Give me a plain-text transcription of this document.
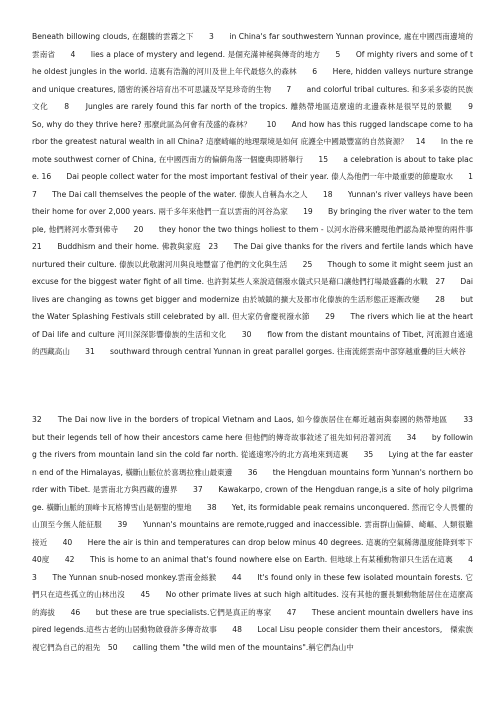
Beneath billowing clouds, 在翻騰的雲霧之下　　3　　in China's far southwestern Yunnan province, 處在中國西南邊境的雲南省　　4　　lies a place of mystery and legend. 是個充滿神秘與傳奇的地方　　5　　Of mighty rivers and some of the oldest jungles in the world. 這裏有浩瀚的河川及世上年代最悠久的森林　　6　　Here, hidden valleys nurture strange and unique creatures, 隱密的溪谷培育出不可思議及罕見珍奇的生物　　7　　and colorful tribal cultures. 和多采多姿的民族文化　　8　　Jungles are rarely found this far north of the tropics. 離熱帶地區這麼遠的北邊森林是很罕見的景觀　　9　　So, why do they thrive here? 那麼此區為何會有茂盛的森林？　　10　　And how has this rugged landscape come to harbor the greatest natural wealth in all China? 這麼崎嶇的地理環境是如何 庇護全中國最豐富的自然資源？　14　　In the remote southwest corner of China, 在中國西南方的偏僻角落一個慶典即將舉行　　15　　a celebration is about to take place. 16　　Dai people collect water for the most important festival of their year. 傣人為他們一年中最重要的節慶取水　　17　　The Dai call themselves the people of the water. 傣族人自稱為水之人　　18　　Yunnan's river valleys have been their home for over 2,000 years. 兩千多年來他們一直以雲南的河谷為家　　19　　By bringing the river water to the temple, 他們將河水帶到佛寺　　20　　they honor the two things holiest to them - 以河水浴佛來體現他們認為最神聖的兩件事　　21　　Buddhism and their home. 佛教與家庭　23　　The Dai give thanks for the rivers and fertile lands which have nurtured their culture. 傣族以此敬謝河川與良地豐富了他們的文化與生活　　25　　Though to some it might seem just an excuse for the biggest water fight of all time. 也許對某些人來說這個潑水儀式只是藉口讓他們打場最盛轟的水戰　27　　Dai lives are changing as towns get bigger and modernize 由於城鎮的擴大及都市化傣族的生活形態正逐漸改變　　28　　but the Water Splashing Festivals still celebrated by all. 但大家仍會慶祝潑水節　　29　　The rivers which lie at the heart of Dai life and culture 河川深深影響傣族的生活和文化　　30　　flow from the distant mountains of Tibet, 河流源自遙遠的西藏高山　　31　　southward through central Yunnan in great parallel gorges. 往南流經雲南中部穿越重疊的巨大峽谷

32　　The Dai now live in the borders of tropical Vietnam and Laos, 如今傣族居住在鄰近越南與泰國的熱帶地區　　33　　but their legends tell of how their ancestors came here 但他們的傳奇故事敘述了祖先如何沿著河流　　34　　by following the rivers from mountain land sin the cold far north. 從遙遠寒冷的北方高地來到這裏　　35　　Lying at the far eastern end of the Himalayas, 橫斷山脈位於喜瑪拉雅山最東邊　　36　　the Hengduan mountains form Yunnan's northern border with Tibet. 是雲南北方與西藏的邊界　　37　　Kawakarpo, crown of the Hengduan range,is a site of holy pilgrimage. 橫斷山脈的頂峰卡瓦格博雪山是朝聖的聖地　　38　　Yet, its formidable peak remains unconquered. 然而它令人畏懼的山頂至今無人能征服　　39　　Yunnan's mountains are remote,rugged and inaccessible. 雲南群山偏僻、崎嶇、人類很難接近　　40　　Here the air is thin and temperatures can drop below minus 40 degrees. 這裏的空氣稀薄溫度能降到零下40度　　42　　This is home to an animal that's found nowhere else on Earth. 但地球上有某種動物卻只生活在這裏　　43　　The Yunnan snub-nosed monkey.雲南金絲猴　　44　　It's found only in these few isolated mountain forests. 它們只在這些孤立的山林出沒　　45　　No other primate lives at such high altitudes. 沒有其他的靈長類動物能居住在這麼高的海拔　　46　　but these are true specialists.它們是真正的專家　　47　　These ancient mountain dwellers have inspired legends.這些古老的山居動物啟發許多傳奇故事　　48　　Local Lisu people consider them their ancestors,　傈索族視它們為自己的祖先　50　　calling them "the wild men of the mountains".稱它們為山中
